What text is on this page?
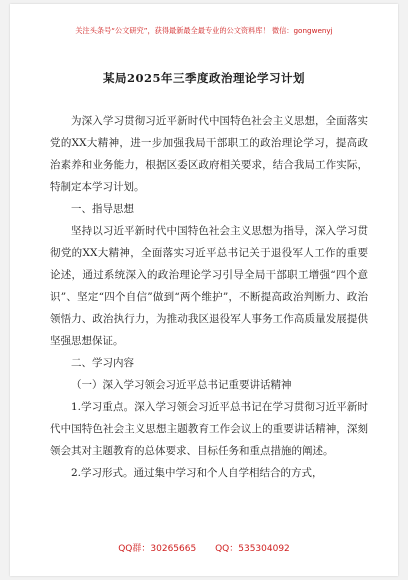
关注头条号“公文研究”，获得最新最全最专业的公文资料库！ 微信：gongwenyj
某局2025年三季度政治理论学习计划

为深入学习贯彻习近平新时代中国特色社会主义思想，全面落实党的XX大精神，进一步加强我局干部职工的政治理论学习，提高政治素养和业务能力，根据区委区政府相关要求，结合我局工作实际，特制定本学习计划。

一、指导思想

坚持以习近平新时代中国特色社会主义思想为指导，深入学习贯彻党的XX大精神，全面落实习近平总书记关于退役军人工作的重要论述，通过系统深入的政治理论学习引导全局干部职工增强“四个意识”、坚定“四个自信”做到“两个维护”，不断提高政治判断力、政治领悟力、政治执行力，为推动我区退役军人事务工作高质量发展提供坚强思想保证。

二、学习内容

（一）深入学习领会习近平总书记重要讲话精神

1.学习重点。深入学习领会习近平总书记在学习贯彻习近平新时代中国特色社会主义思想主题教育工作会议上的重要讲话精神，深刻领会其对主题教育的总体要求、目标任务和重点措施的阐述。

2.学习形式。通过集中学习和个人自学相结合的方式，

QQ群：30265665 QQ：535304092
